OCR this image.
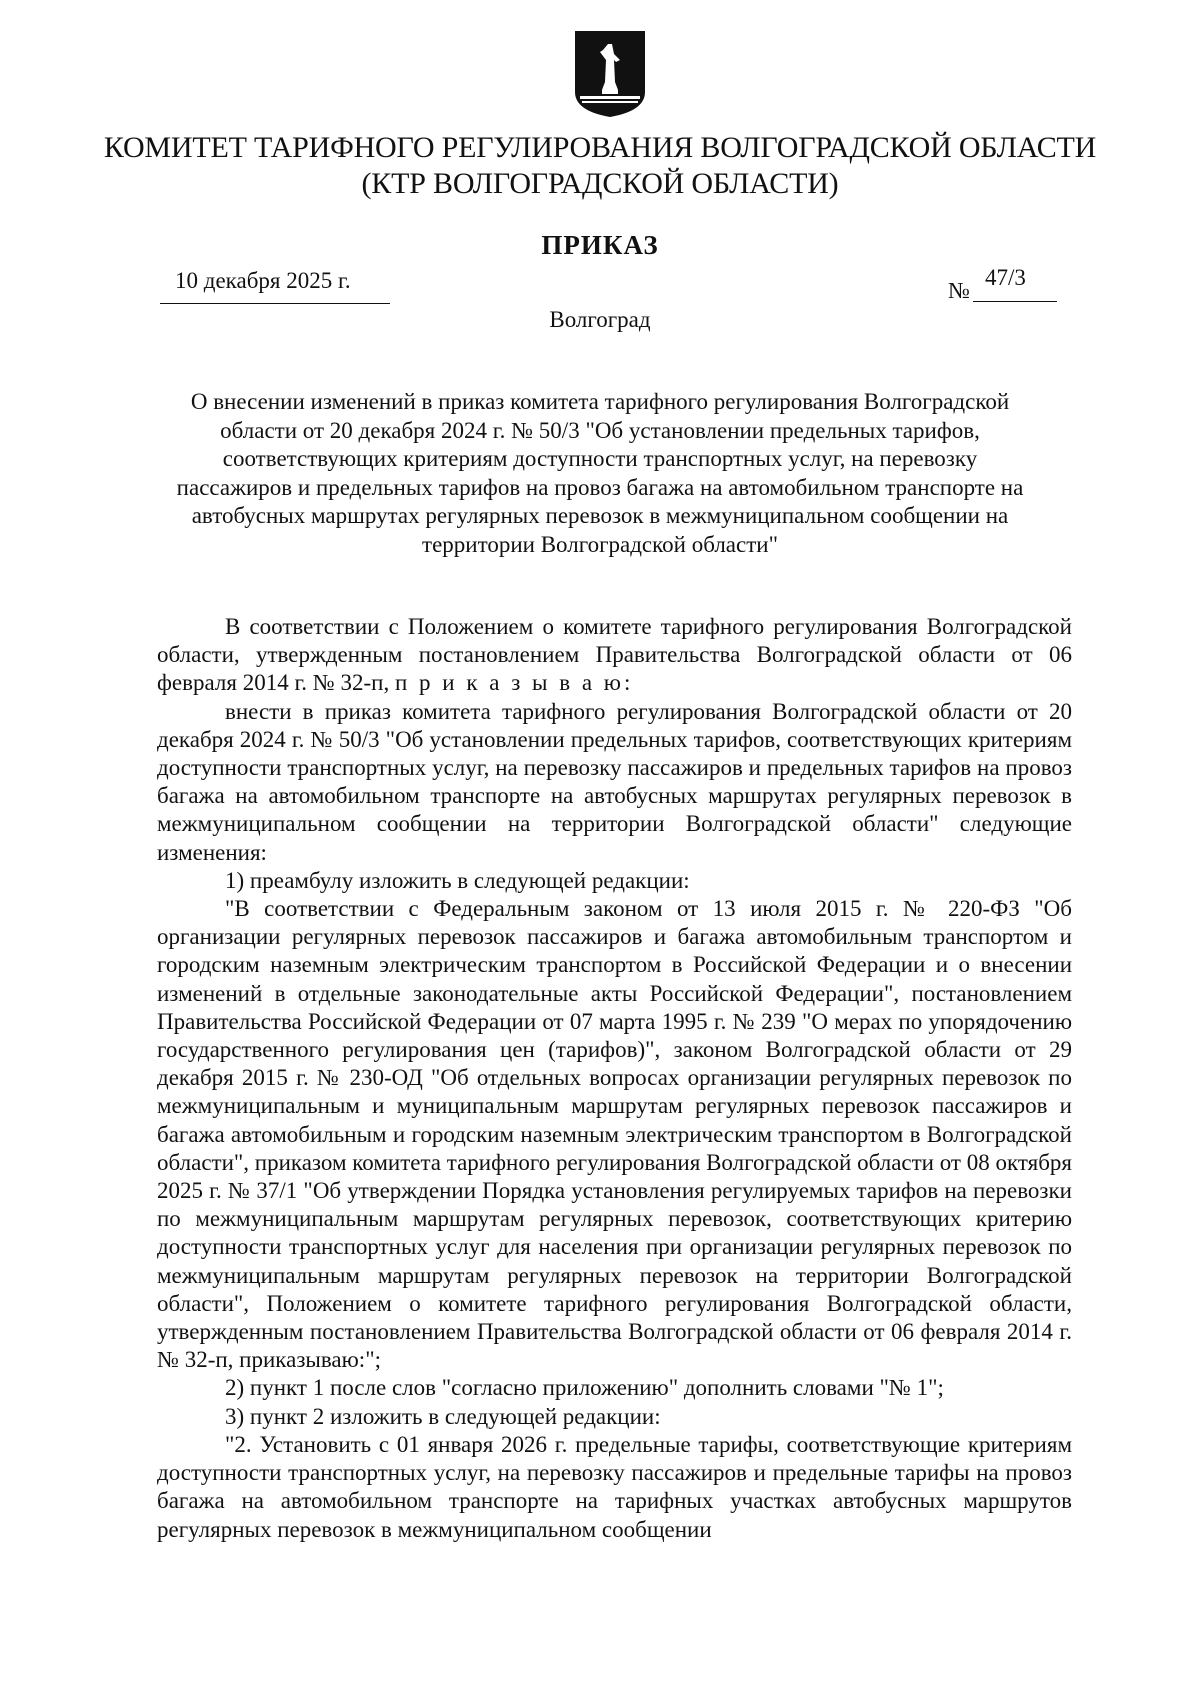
КОМИТЕТ ТАРИФНОГО РЕГУЛИРОВАНИЯ ВОЛГОГРАДСКОЙ ОБЛАСТИ
(КТР ВОЛГОГРАДСКОЙ ОБЛАСТИ)
ПРИКАЗ
10 декабря 2025 г.	№
47/3
Волгоград
О внесении изменений в приказ комитета тарифного регулирования Волгоградской области от 20 декабря 2024 г. № 50/3 "Об установлении предельных тарифов, соответствующих критериям доступности транспортных услуг, на перевозку пассажиров и предельных тарифов на провоз багажа на автомобильном транспорте на автобусных маршрутах регулярных перевозок в межмуниципальном сообщении на территории Волгоградской области"

В соответствии с Положением о комитете тарифного регулирования Волгоградской области, утвержденным постановлением Правительства Волгоградской области от 06 февраля 2014 г. № 32-п, п р и к а з ы в а ю:

внести в приказ комитета тарифного регулирования Волгоградской области от 20 декабря 2024 г. № 50/3 "Об установлении предельных тарифов, соответствующих критериям доступности транспортных услуг, на перевозку пассажиров и предельных тарифов на провоз багажа на автомобильном транспорте на автобусных маршрутах регулярных перевозок в межмуниципальном сообщении на территории Волгоградской области" следующие изменения:

1) преамбулу изложить в следующей редакции:

"В соответствии с Федеральным законом от 13 июля 2015 г. № 220-ФЗ "Об организации регулярных перевозок пассажиров и багажа автомобильным транспортом и городским наземным электрическим транспортом в Российской Федерации и о внесении изменений в отдельные законодательные акты Российской Федерации", постановлением Правительства Российской Федерации от 07 марта 1995 г. № 239 "О мерах по упорядочению государственного регулирования цен (тарифов)", законом Волгоградской области от 29 декабря 2015 г. № 230-ОД "Об отдельных вопросах организации регулярных перевозок по межмуниципальным и муниципальным маршрутам регулярных перевозок пассажиров и багажа автомобильным и городским наземным электрическим транспортом в Волгоградской области", приказом комитета тарифного регулирования Волгоградской области от 08 октября 2025 г. № 37/1 "Об утверждении Порядка установления регулируемых тарифов на перевозки по межмуниципальным маршрутам регулярных перевозок, соответствующих критерию доступности транспортных услуг для населения при организации регулярных перевозок по межмуниципальным маршрутам регулярных перевозок на территории Волгоградской области", Положением о комитете тарифного регулирования Волгоградской области, утвержденным постановлением Правительства Волгоградской области от 06 февраля 2014 г. № 32-п, приказываю:";

2) пункт 1 после слов "согласно приложению" дополнить словами "№ 1";

3) пункт 2 изложить в следующей редакции:

"2. Установить с 01 января 2026 г. предельные тарифы, соответствующие критериям доступности транспортных услуг, на перевозку пассажиров и предельные тарифы на провоз багажа на автомобильном транспорте на тарифных участках автобусных маршрутов регулярных перевозок в межмуниципальном сообщении
